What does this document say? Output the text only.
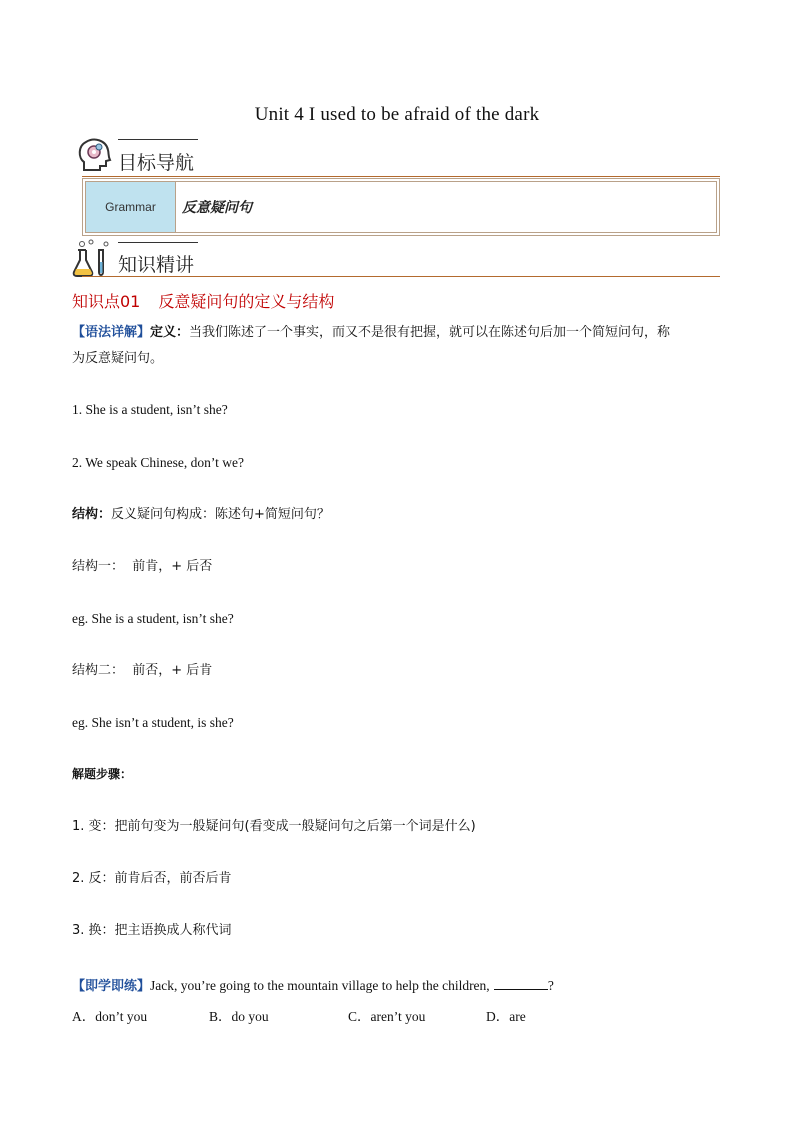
Unit 4 I used to be afraid of the dark
目标导航
Grammar	反意疑问句
知识精讲
知识点01 反意疑问句的定义与结构
【语法详解】定义：当我们陈述了一个事实，而又不是很有把握，就可以在陈述句后加一个简短问句，称
为反意疑问句。
1. She is a student, isn’t she?
2. We speak Chinese, don’t we?
结构：反义疑问句构成：陈述句+简短问句？
结构一：  前肯，+ 后否
eg. She is a student, isn’t she?
结构二：  前否，+ 后肯
eg. She isn’t a student, is she?
解题步骤：
1. 变：把前句变为一般疑问句(看变成一般疑问句之后第一个词是什么)
2. 反：前肯后否，前否后肯
3. 换：把主语换成人称代词
【即学即练】Jack, you’re going to the mountain village to help the children,	?
A．don’t you	B．do you	C．aren’t you	D．are
